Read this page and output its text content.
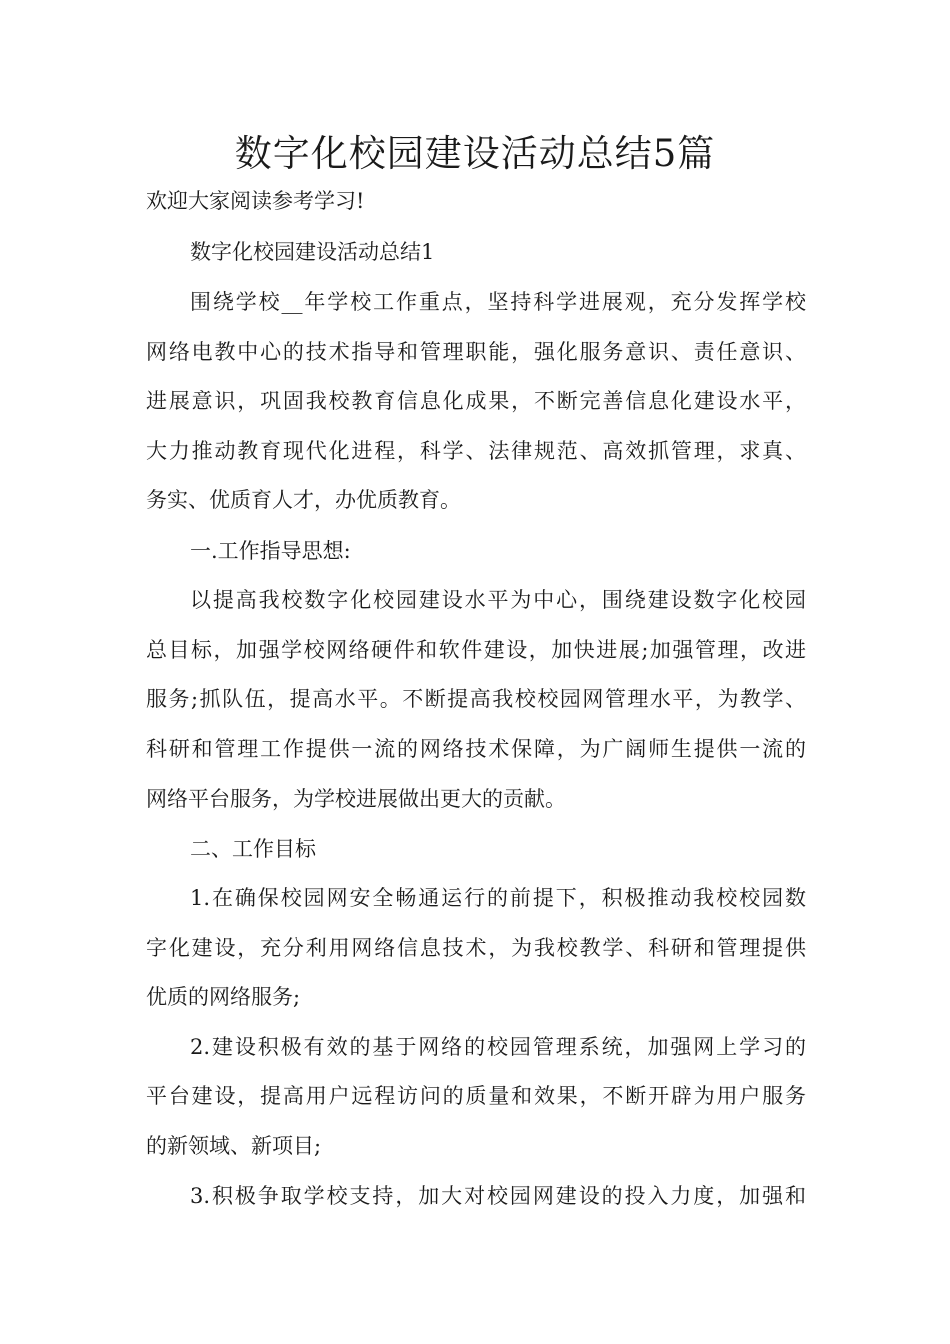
数字化校园建设活动总结5篇
欢迎大家阅读参考学习!
数字化校园建设活动总结1
围绕学校__年学校工作重点，坚持科学进展观，充分发挥学校
网络电教中心的技术指导和管理职能，强化服务意识、责任意识、
进展意识，巩固我校教育信息化成果，不断完善信息化建设水平，
大力推动教育现代化进程，科学、法律规范、高效抓管理，求真、
务实、优质育人才，办优质教育。
一.工作指导思想:
以提高我校数字化校园建设水平为中心，围绕建设数字化校园
总目标，加强学校网络硬件和软件建设，加快进展;加强管理，改进
服务;抓队伍，提高水平。不断提高我校校园网管理水平，为教学、
科研和管理工作提供一流的网络技术保障，为广阔师生提供一流的
网络平台服务，为学校进展做出更大的贡献。
二、工作目标
1.在确保校园网安全畅通运行的前提下，积极推动我校校园数
字化建设，充分利用网络信息技术，为我校教学、科研和管理提供
优质的网络服务;
2.建设积极有效的基于网络的校园管理系统，加强网上学习的
平台建设，提高用户远程访问的质量和效果，不断开辟为用户服务
的新领域、新项目;
3.积极争取学校支持，加大对校园网建设的投入力度，加强和
